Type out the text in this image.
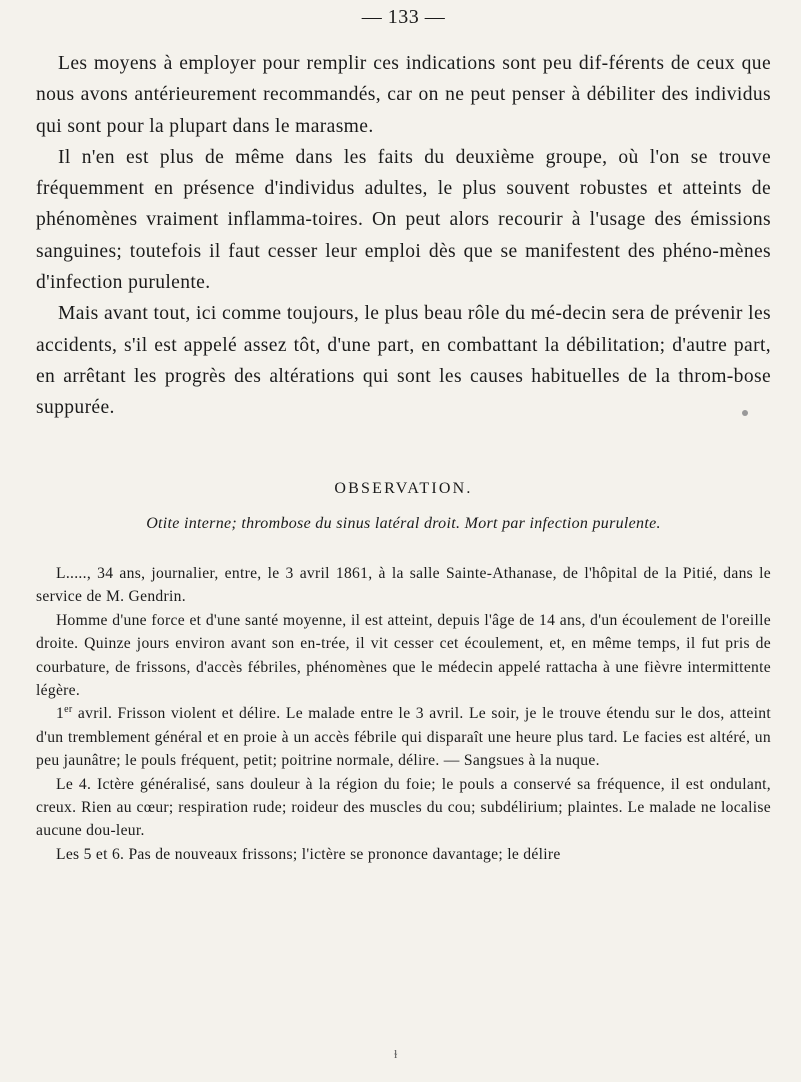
— 133 —

Les moyens à employer pour remplir ces indications sont peu dif-férents de ceux que nous avons antérieurement recommandés, car on ne peut penser à débiliter des individus qui sont pour la plupart dans le marasme.

Il n'en est plus de même dans les faits du deuxième groupe, où l'on se trouve fréquemment en présence d'individus adultes, le plus souvent robustes et atteints de phénomènes vraiment inflamma-toires. On peut alors recourir à l'usage des émissions sanguines; toutefois il faut cesser leur emploi dès que se manifestent des phéno-mènes d'infection purulente.

Mais avant tout, ici comme toujours, le plus beau rôle du mé-decin sera de prévenir les accidents, s'il est appelé assez tôt, d'une part, en combattant la débilitation; d'autre part, en arrêtant les progrès des altérations qui sont les causes habituelles de la throm-bose suppurée.

OBSERVATION.
Otite interne; thrombose du sinus latéral droit. Mort par infection purulente.

L....., 34 ans, journalier, entre, le 3 avril 1861, à la salle Sainte-Athanase, de l'hôpital de la Pitié, dans le service de M. Gendrin.

Homme d'une force et d'une santé moyenne, il est atteint, depuis l'âge de 14 ans, d'un écoulement de l'oreille droite. Quinze jours environ avant son en-trée, il vit cesser cet écoulement, et, en même temps, il fut pris de courbature, de frissons, d'accès fébriles, phénomènes que le médecin appelé rattacha à une fièvre intermittente légère.

1er avril. Frisson violent et délire. Le malade entre le 3 avril. Le soir, je le trouve étendu sur le dos, atteint d'un tremblement général et en proie à un accès fébrile qui disparaît une heure plus tard. Le facies est altéré, un peu jaunâtre; le pouls fréquent, petit; poitrine normale, délire. — Sangsues à la nuque.

Le 4. Ictère généralisé, sans douleur à la région du foie; le pouls a conservé sa fréquence, il est ondulant, creux. Rien au cœur; respiration rude; roideur des muscles du cou; subdélirium; plaintes. Le malade ne localise aucune dou-leur.

Les 5 et 6. Pas de nouveaux frissons; l'ictère se prononce davantage; le délire

ɫ
